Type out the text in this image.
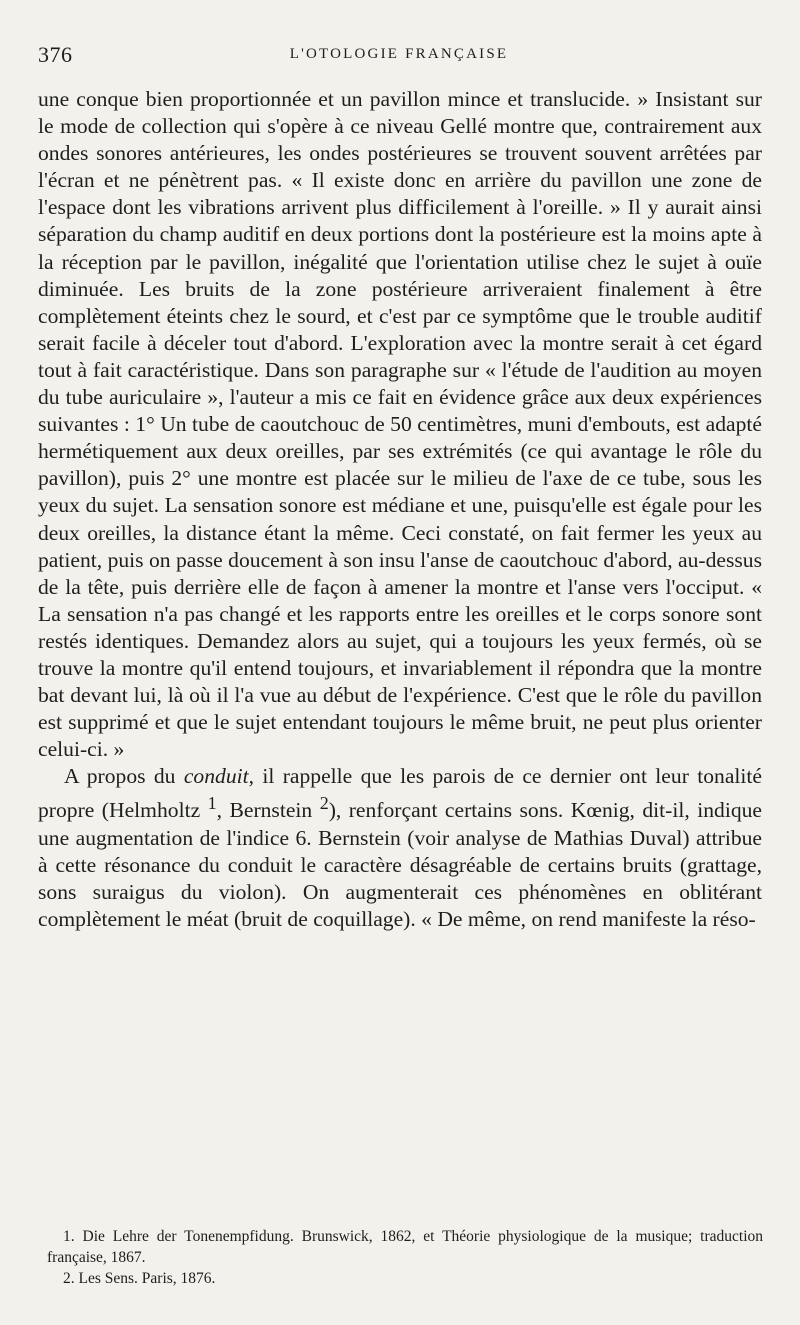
376	L'OTOLOGIE FRANÇAISE

une conque bien proportionnée et un pavillon mince et translucide. » Insistant sur le mode de collection qui s'opère à ce niveau Gellé montre que, contrairement aux ondes sonores antérieures, les ondes postérieures se trouvent souvent arrêtées par l'écran et ne pénètrent pas. « Il existe donc en arrière du pavillon une zone de l'espace dont les vibrations arrivent plus difficilement à l'oreille. » Il y aurait ainsi séparation du champ auditif en deux portions dont la postérieure est la moins apte à la réception par le pavillon, inégalité que l'orientation utilise chez le sujet à ouïe diminuée. Les bruits de la zone postérieure arriveraient finalement à être complètement éteints chez le sourd, et c'est par ce symptôme que le trouble auditif serait facile à déceler tout d'abord. L'exploration avec la montre serait à cet égard tout à fait caractéristique. Dans son paragraphe sur « l'étude de l'audition au moyen du tube auriculaire », l'auteur a mis ce fait en évidence grâce aux deux expériences suivantes : 1° Un tube de caoutchouc de 50 centimètres, muni d'embouts, est adapté hermétiquement aux deux oreilles, par ses extrémités (ce qui avantage le rôle du pavillon), puis 2° une montre est placée sur le milieu de l'axe de ce tube, sous les yeux du sujet. La sensation sonore est médiane et une, puisqu'elle est égale pour les deux oreilles, la distance étant la même. Ceci constaté, on fait fermer les yeux au patient, puis on passe doucement à son insu l'anse de caoutchouc d'abord, au-dessus de la tête, puis derrière elle de façon à amener la montre et l'anse vers l'occiput. « La sensation n'a pas changé et les rapports entre les oreilles et le corps sonore sont restés identiques. Demandez alors au sujet, qui a toujours les yeux fermés, où se trouve la montre qu'il entend toujours, et invariablement il répondra que la montre bat devant lui, là où il l'a vue au début de l'expérience. C'est que le rôle du pavillon est supprimé et que le sujet entendant toujours le même bruit, ne peut plus orienter celui-ci. »

A propos du conduit, il rappelle que les parois de ce dernier ont leur tonalité propre (Helmholtz $^1$, Bernstein $^2$), renforçant certains sons. Kœnig, dit-il, indique une augmentation de l'indice 6. Bernstein (voir analyse de Mathias Duval) attribue à cette résonance du conduit le caractère désagréable de certains bruits (grattage, sons suraigus du violon). On augmenterait ces phénomènes en oblitérant complètement le méat (bruit de coquillage). « De même, on rend manifeste la réso-

1. Die Lehre der Tonenempfidung. Brunswick, 1862, et Théorie physiologique de la musique; traduction française, 1867.

2. Les Sens. Paris, 1876.
